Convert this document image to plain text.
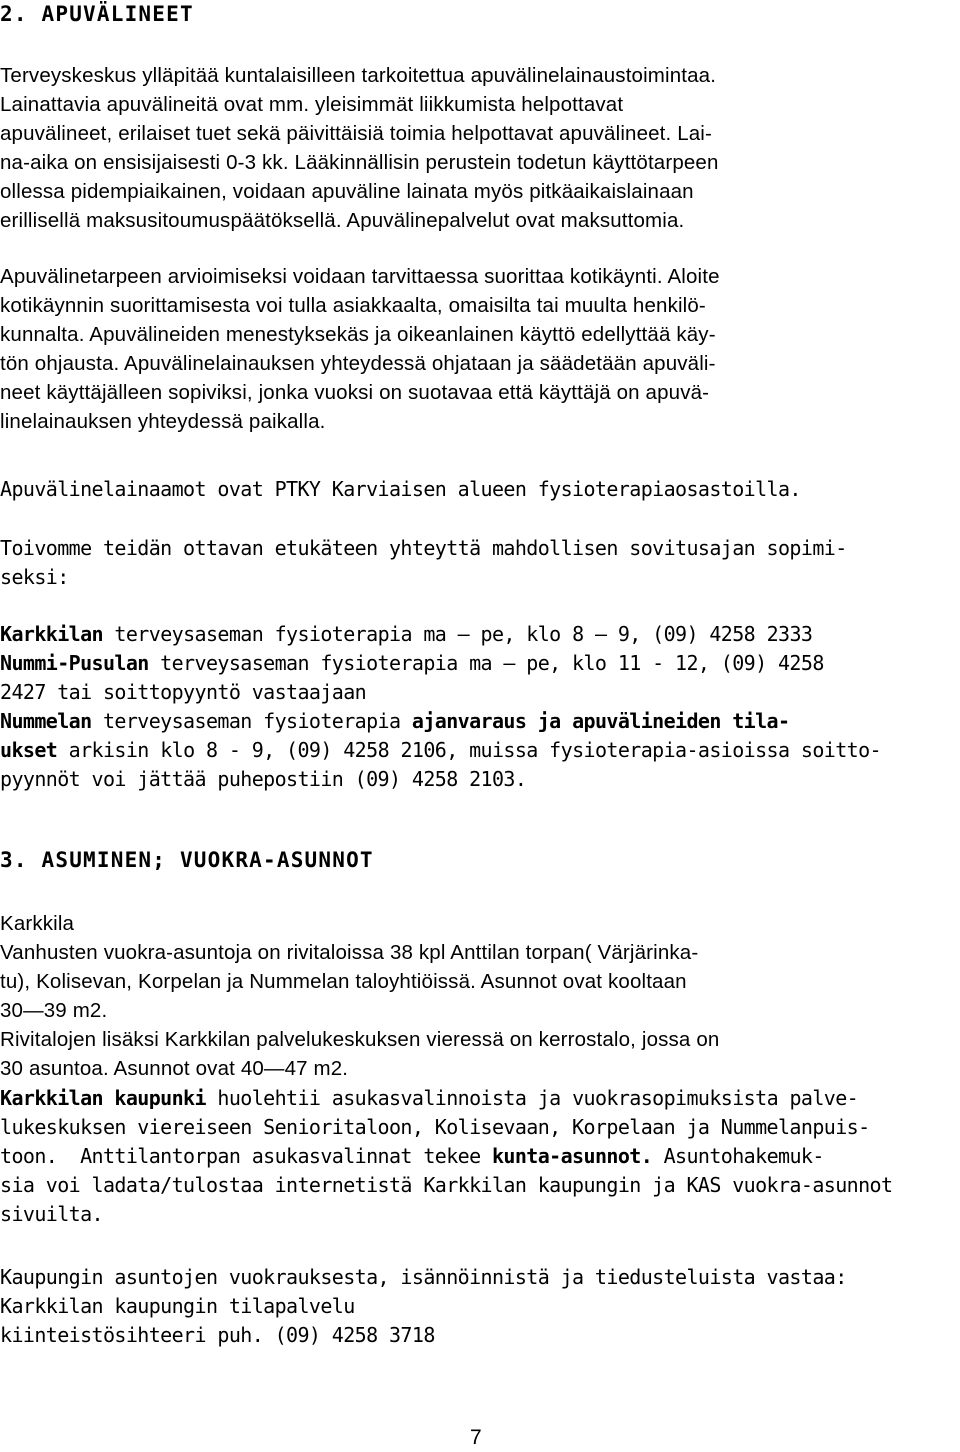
2. APUVÄLINEET
Terveyskeskus ylläpitää kuntalaisilleen tarkoitettua apuvälinelainaustoimintaa.
Lainattavia apuvälineitä ovat mm. yleisimmät liikkumista helpottavat
apuvälineet, erilaiset tuet sekä päivittäisiä toimia helpottavat apuvälineet. Lai-
na-aika on ensisijaisesti 0-3 kk. Lääkinnällisin perustein todetun käyttötarpeen
ollessa pidempiaikainen, voidaan apuväline lainata myös pitkäaikaislainaan
erillisellä maksusitoumuspäätöksellä. Apuvälinepalvelut ovat maksuttomia.
Apuvälinetarpeen arvioimiseksi voidaan tarvittaessa suorittaa kotikäynti. Aloite
kotikäynnin suorittamisesta voi tulla asiakkaalta, omaisilta tai muulta henkilö-
kunnalta. Apuvälineiden menestyksekäs ja oikeanlainen käyttö edellyttää käy-
tön ohjausta. Apuvälinelainauksen yhteydessä ohjataan ja säädetään apuväli-
neet käyttäjälleen sopiviksi, jonka vuoksi on suotavaa että käyttäjä on apuvä-
linelainauksen yhteydessä paikalla.
Apuvälinelainaamot ovat PTKY Karviaisen alueen fysioterapiaosastoilla.
Toivomme teidän ottavan etukäteen yhteyttä mahdollisen sovitusajan sopimi-
seksi:
Karkkilan terveysaseman fysioterapia ma — pe, klo 8 — 9, (09) 4258 2333
Nummi-Pusulan terveysaseman fysioterapia ma — pe, klo 11 - 12, (09) 4258
2427 tai soittopyyntö vastaajaan
Nummelan terveysaseman fysioterapia ajanvaraus ja apuvälineiden tila-
ukset arkisin klo 8 - 9, (09) 4258 2106, muissa fysioterapia-asioissa soitto-
pyynnöt voi jättää puhepostiin (09) 4258 2103.
3. ASUMINEN; VUOKRA-ASUNNOT
Karkkila
Vanhusten vuokra-asuntoja on rivitaloissa 38 kpl Anttilan torpan( Värjärinka-
tu), Kolisevan, Korpelan ja Nummelan taloyhtiöissä. Asunnot ovat kooltaan
30—39 m2.
Rivitalojen lisäksi Karkkilan palvelukeskuksen vieressä on kerrostalo, jossa on
30 asuntoa. Asunnot ovat 40—47 m2.
Karkkilan kaupunki huolehtii asukasvalinnoista ja vuokrasopimuksista palve-
lukeskuksen viereiseen Senioritaloon, Kolisevaan, Korpelaan ja Nummelanpuis-
toon.  Anttilantorpan asukasvalinnat tekee kunta-asunnot. Asuntohakemuk-
sia voi ladata/tulostaa internetistä Karkkilan kaupungin ja KAS vuokra-asunnot
sivuilta.
Kaupungin asuntojen vuokrauksesta, isännöinnistä ja tiedusteluista vastaa:
Karkkilan kaupungin tilapalvelu
kiinteistösihteeri puh. (09) 4258 3718
7
